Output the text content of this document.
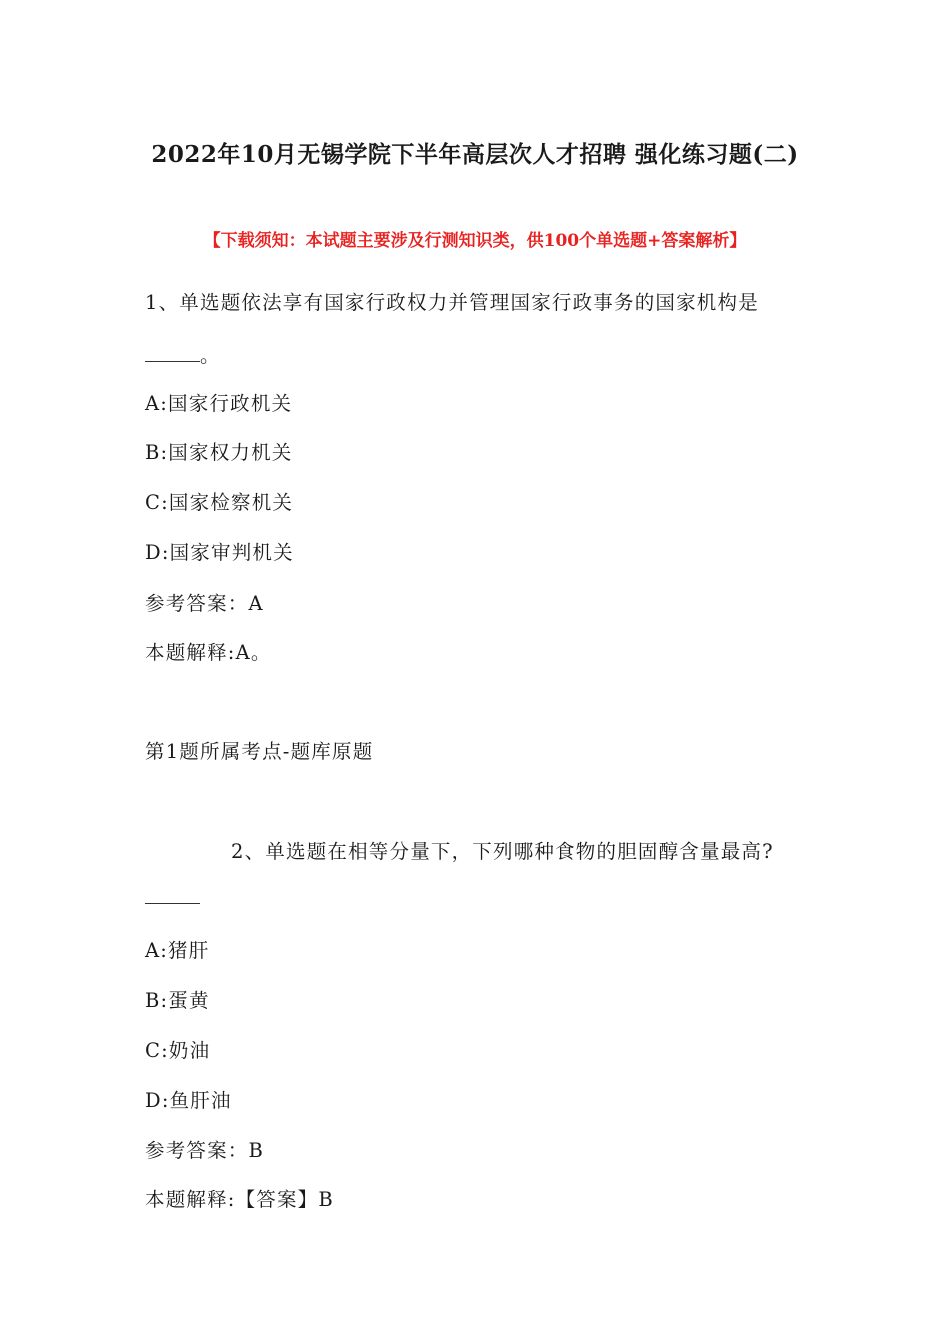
2022年10月无锡学院下半年高层次人才招聘 强化练习题(二)
【下载须知：本试题主要涉及行测知识类，供100个单选题+答案解析】
1、单选题依法享有国家行政权力并管理国家行政事务的国家机构是
。
A:国家行政机关
B:国家权力机关
C:国家检察机关
D:国家审判机关
参考答案：A
本题解释:A。
第1题所属考点-题库原题
2、单选题在相等分量下，下列哪种食物的胆固醇含量最高?
A:猪肝
B:蛋黄
C:奶油
D:鱼肝油
参考答案：B
本题解释:【答案】B
